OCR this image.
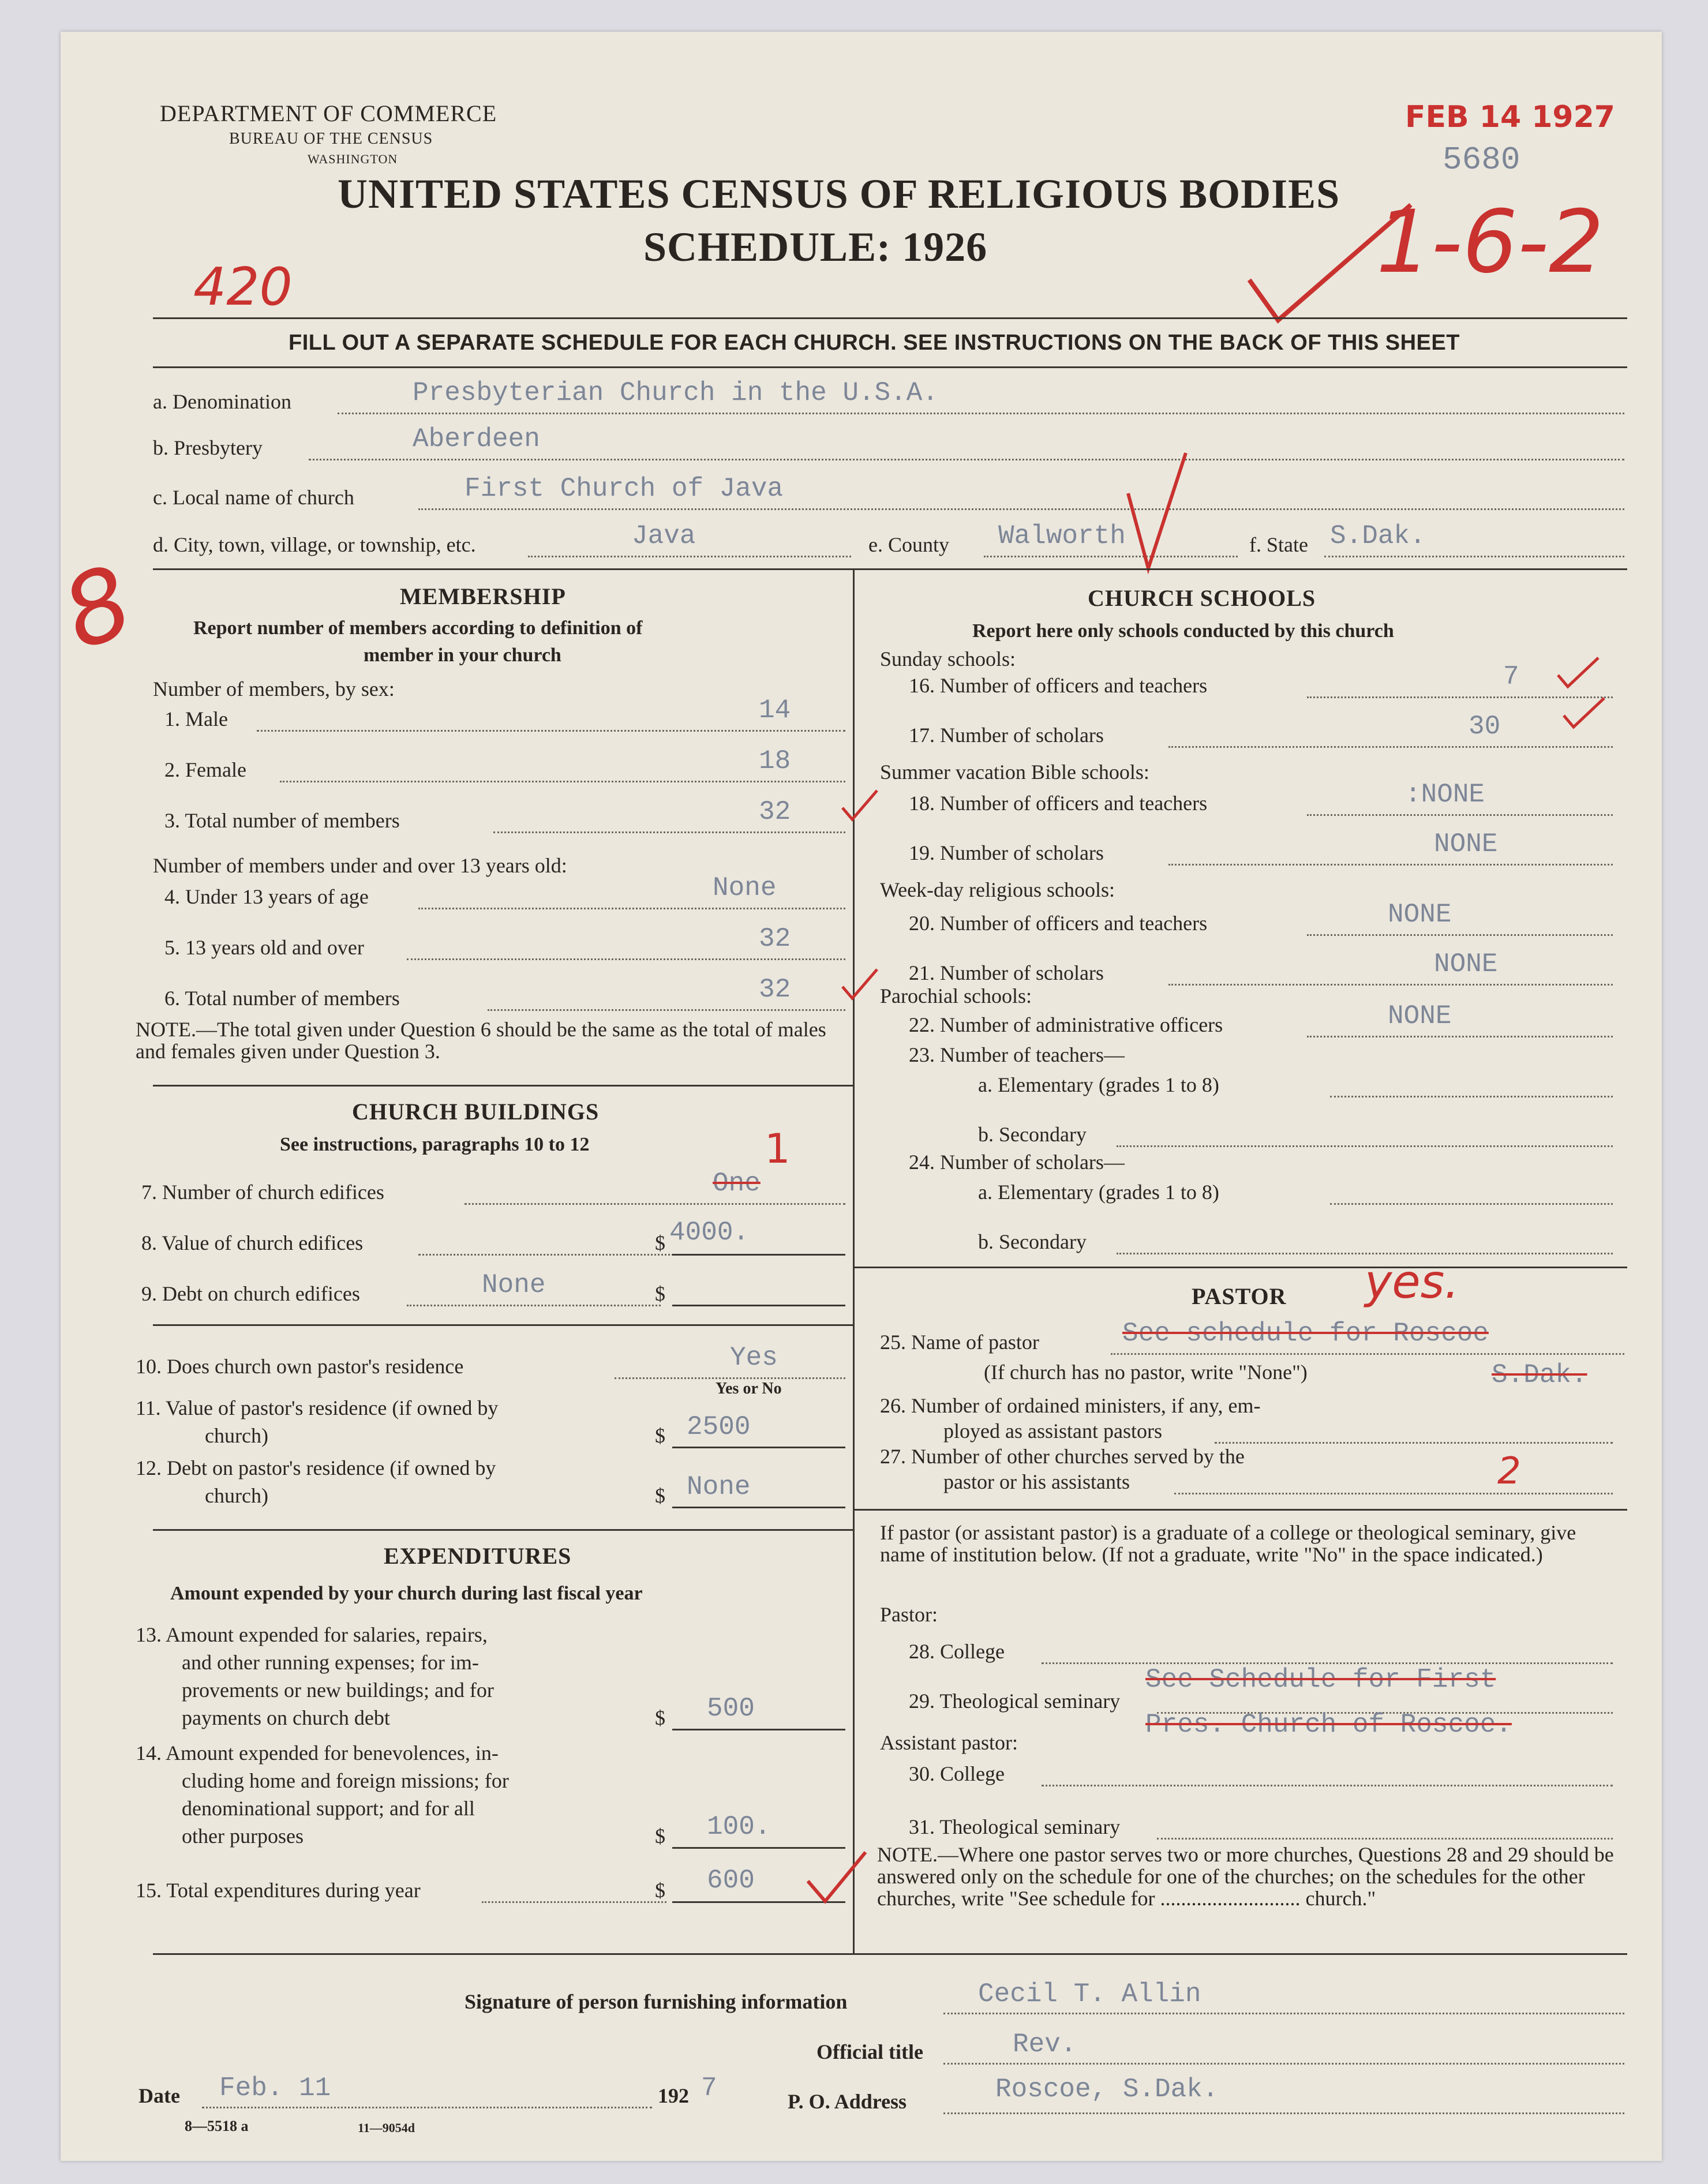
DEPARTMENT OF COMMERCE
BUREAU OF THE CENSUS
WASHINGTON
UNITED STATES CENSUS OF RELIGIOUS BODIES
SCHEDULE: 1926
FEB 14 1927
5680
420	1-6-2
8
FILL OUT A SEPARATE SCHEDULE FOR EACH CHURCH. SEE INSTRUCTIONS ON THE BACK OF THIS SHEET
a. Denomination	Presbyterian Church in the U.S.A.
b. Presbytery	Aberdeen
c. Local name of church	First Church of Java
d. City, town, village, or township, etc.	Java	e. County Walworth	f. State S.Dak.
MEMBERSHIP
Report number of members according to definition of
member in your church
Number of members, by sex:
1. Male	14
2. Female	18
3. Total number of members	32
Number of members under and over 13 years old:
4. Under 13 years of age	None
5. 13 years old and over	32
6. Total number of members	32
NOTE.—The total given under Question 6 should be the same as the total of males and females given under Question 3.
CHURCH BUILDINGS
See instructions, paragraphs 10 to 12
7. Number of church edifices	One
1
8. Value of church edifices	$ 4000.
9. Debt on church edifices	None	$
10. Does church own pastor's residence	Yes
Yes or No
11. Value of pastor's residence (if owned by
church)	$ 2500
12. Debt on pastor's residence (if owned by
church)	$ None
EXPENDITURES
Amount expended by your church during last fiscal year
13. Amount expended for salaries, repairs,
and other running expenses; for im-
provements or new buildings; and for
payments on church debt	$ 500
14. Amount expended for benevolences, in-
cluding home and foreign missions; for
denominational support; and for all
other purposes	$ 100.
15. Total expenditures during year	$ 600
CHURCH SCHOOLS
Report here only schools conducted by this church
Sunday schools:
16. Number of officers and teachers	7
17. Number of scholars	30
Summer vacation Bible schools:
18. Number of officers and teachers	:NONE
19. Number of scholars	NONE
Week-day religious schools:
20. Number of officers and teachers	NONE
21. Number of scholars	NONE
Parochial schools:
22. Number of administrative officers	NONE
23. Number of teachers—
a. Elementary (grades 1 to 8)
b. Secondary
24. Number of scholars—
a. Elementary (grades 1 to 8)
b. Secondary
PASTOR yes.
25. Name of pastor	See schedule for Roscoe
(If church has no pastor, write "None")	S.Dak.
26. Number of ordained ministers, if any, em-
ployed as assistant pastors
27. Number of other churches served by the
pastor or his assistants	2
If pastor (or assistant pastor) is a graduate of a college or theological seminary, give name of institution below. (If not a graduate, write "No" in the space indicated.)
Pastor:
28. College
See Schedule for First
29. Theological seminary
Assistant pastor:
Pres. Church of Roscoe.
30. College
31. Theological seminary
NOTE.—Where one pastor serves two or more churches, Questions 28 and 29 should be answered only on the schedule for one of the churches; on the schedules for the other churches, write "See schedule for ........................... church."
Signature of person furnishing information	Cecil T. Allin
Official title	Rev.
Date Feb. 11	192 7	P. O. Address	Roscoe, S.Dak.
8—5518 a	11—9054d
